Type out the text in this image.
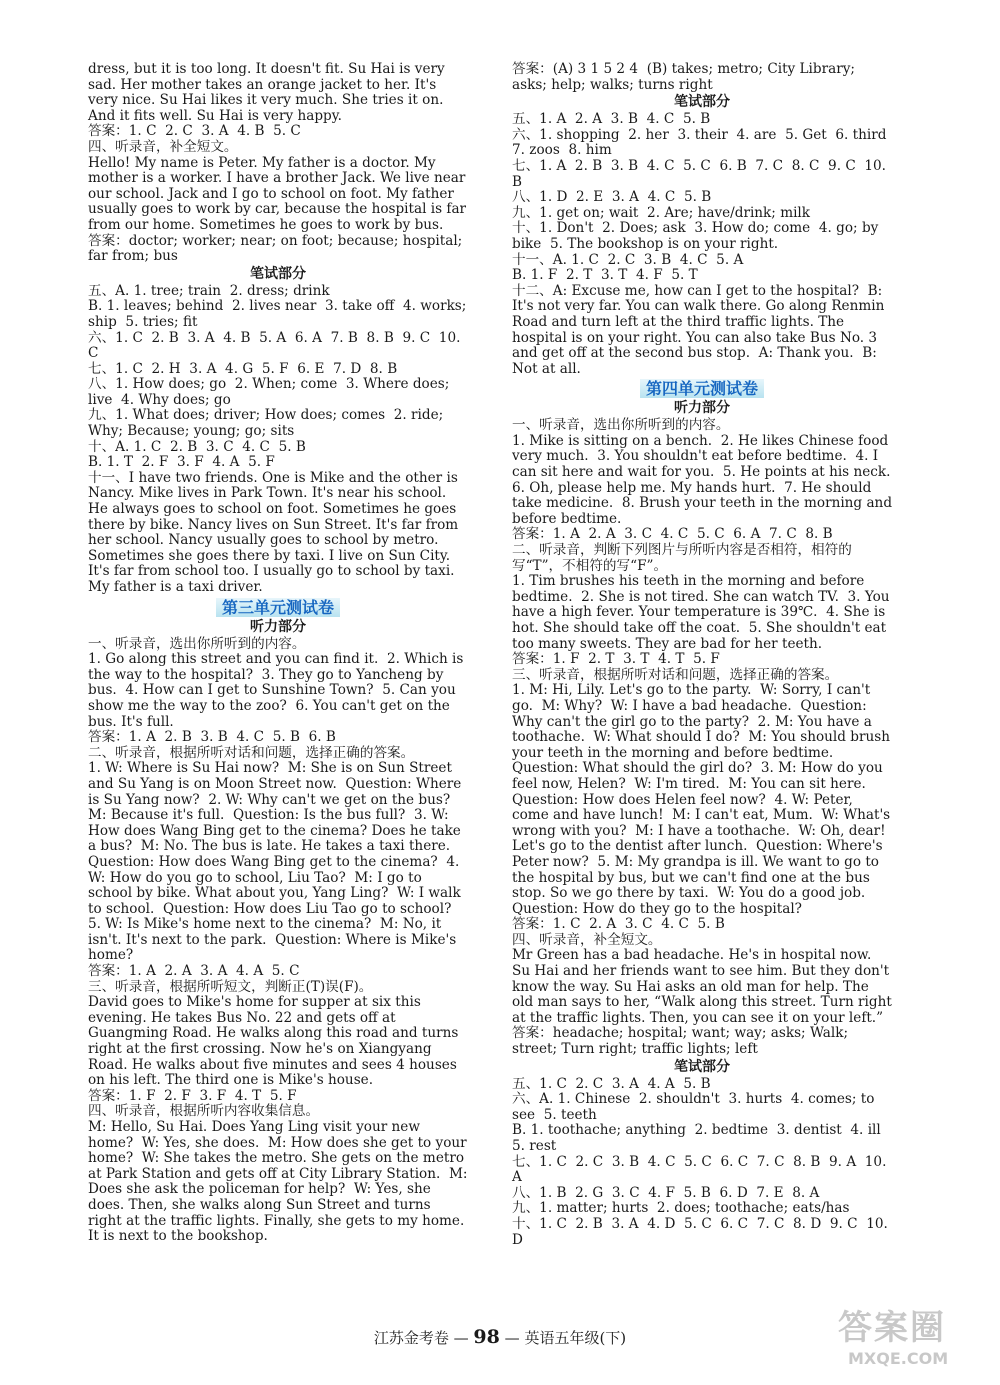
dress, but it is too long. It doesn't fit. Su Hai is very sad. Her mother takes an orange jacket to her. It's very nice. Su Hai likes it very much. She tries it on. And it fits well. Su Hai is very happy.
答案：1. C  2. C  3. A  4. B  5. C
四、听录音，补全短文。
Hello! My name is Peter. My father is a doctor. My mother is a worker. I have a brother Jack. We live near our school. Jack and I go to school on foot. My father usually goes to work by car, because the hospital is far from our home. Sometimes he goes to work by bus.
答案：doctor; worker; near; on foot; because; hospital; far from; bus
笔试部分
五、A. 1. tree; train  2. dress; drink
B. 1. leaves; behind  2. lives near  3. take off  4. works; ship  5. tries; fit
六、1. C  2. B  3. A  4. B  5. A  6. A  7. B  8. B  9. C  10. C
七、1. C  2. H  3. A  4. G  5. F  6. E  7. D  8. B
八、1. How does; go  2. When; come  3. Where does; live  4. Why does; go
九、1. What does; driver; How does; comes  2. ride; Why; Because; young; go; sits
十、A. 1. C  2. B  3. C  4. C  5. B
B. 1. T  2. F  3. F  4. A  5. F
十一、I have two friends. One is Mike and the other is Nancy. Mike lives in Park Town. It's near his school. He always goes to school on foot. Sometimes he goes there by bike. Nancy lives on Sun Street. It's far from her school. Nancy usually goes to school by metro. Sometimes she goes there by taxi. I live on Sun City. It's far from school too. I usually go to school by taxi. My father is a taxi driver.
第三单元测试卷
听力部分
一、听录音，选出你所听到的内容。
1. Go along this street and you can find it.  2. Which is the way to the hospital?  3. They go to Yancheng by bus.  4. How can I get to Sunshine Town?  5. Can you show me the way to the zoo?  6. You can't get on the bus. It's full.
答案：1. A  2. B  3. B  4. C  5. B  6. B
二、听录音，根据所听对话和问题，选择正确的答案。
1. W: Where is Su Hai now?  M: She is on Sun Street and Su Yang is on Moon Street now.  Question: Where is Su Yang now?  2. W: Why can't we get on the bus?  M: Because it's full.  Question: Is the bus full?  3. W: How does Wang Bing get to the cinema? Does he take a bus?  M: No. The bus is late. He takes a taxi there.  Question: How does Wang Bing get to the cinema?  4. W: How do you go to school, Liu Tao?  M: I go to school by bike. What about you, Yang Ling?  W: I walk to school.  Question: How does Liu Tao go to school?  5. W: Is Mike's home next to the cinema?  M: No, it isn't. It's next to the park.  Question: Where is Mike's home?
答案：1. A  2. A  3. A  4. A  5. C
三、听录音，根据所听短文，判断正(T)误(F)。
David goes to Mike's home for supper at six this evening. He takes Bus No. 22 and gets off at Guangming Road. He walks along this road and turns right at the first crossing. Now he's on Xiangyang Road. He walks about five minutes and sees 4 houses on his left. The third one is Mike's house.
答案：1. F  2. F  3. F  4. T  5. F
四、听录音，根据所听内容收集信息。
M: Hello, Su Hai. Does Yang Ling visit your new home?  W: Yes, she does.  M: How does she get to your home?  W: She takes the metro. She gets on the metro at Park Station and gets off at City Library Station.  M: Does she ask the policeman for help?  W: Yes, she does. Then, she walks along Sun Street and turns right at the traffic lights. Finally, she gets to my home. It is next to the bookshop.
答案：(A) 3 1 5 2 4  (B) takes; metro; City Library; asks; help; walks; turns right
笔试部分
五、1. A  2. A  3. B  4. C  5. B
六、1. shopping  2. her  3. their  4. are  5. Get  6. third  7. zoos  8. him
七、1. A  2. B  3. B  4. C  5. C  6. B  7. C  8. C  9. C  10. B
八、1. D  2. E  3. A  4. C  5. B
九、1. get on; wait  2. Are; have/drink; milk
十、1. Don't  2. Does; ask  3. How do; come  4. go; by bike  5. The bookshop is on your right.
十一、A. 1. C  2. C  3. B  4. C  5. A
B. 1. F  2. T  3. T  4. F  5. T
十二、A: Excuse me, how can I get to the hospital?  B: It's not very far. You can walk there. Go along Renmin Road and turn left at the third traffic lights. The hospital is on your right. You can also take Bus No. 3 and get off at the second bus stop.  A: Thank you.  B: Not at all.
第四单元测试卷
听力部分
一、听录音，选出你所听到的内容。
1. Mike is sitting on a bench.  2. He likes Chinese food very much.  3. You shouldn't eat before bedtime.  4. I can sit here and wait for you.  5. He points at his neck.  6. Oh, please help me. My hands hurt.  7. He should take medicine.  8. Brush your teeth in the morning and before bedtime.
答案：1. A  2. A  3. C  4. C  5. C  6. A  7. C  8. B
二、听录音，判断下列图片与所听内容是否相符，相符的写“T”，不相符的写“F”。
1. Tim brushes his teeth in the morning and before bedtime.  2. She is not tired. She can watch TV.  3. You have a high fever. Your temperature is 39℃.  4. She is hot. She should take off the coat.  5. She shouldn't eat too many sweets. They are bad for her teeth.
答案：1. F  2. T  3. T  4. T  5. F
三、听录音，根据所听对话和问题，选择正确的答案。
1. M: Hi, Lily. Let's go to the party.  W: Sorry, I can't go.  M: Why?  W: I have a bad headache.  Question: Why can't the girl go to the party?  2. M: You have a toothache.  W: What should I do?  M: You should brush your teeth in the morning and before bedtime.  Question: What should the girl do?  3. M: How do you feel now, Helen?  W: I'm tired.  M: You can sit here.  Question: How does Helen feel now?  4. W: Peter, come and have lunch!  M: I can't eat, Mum.  W: What's wrong with you?  M: I have a toothache.  W: Oh, dear! Let's go to the dentist after lunch.  Question: Where's Peter now?  5. M: My grandpa is ill. We want to go to the hospital by bus, but we can't find one at the bus stop. So we go there by taxi.  W: You do a good job.  Question: How do they go to the hospital?
答案：1. C  2. A  3. C  4. C  5. B
四、听录音，补全短文。
Mr Green has a bad headache. He's in hospital now. Su Hai and her friends want to see him. But they don't know the way. Su Hai asks an old man for help. The old man says to her, “Walk along this street. Turn right at the traffic lights. Then, you can see it on your left.”
答案：headache; hospital; want; way; asks; Walk; street; Turn right; traffic lights; left
笔试部分
五、1. C  2. C  3. A  4. A  5. B
六、A. 1. Chinese  2. shouldn't  3. hurts  4. comes; to see  5. teeth
B. 1. toothache; anything  2. bedtime  3. dentist  4. ill  5. rest
七、1. C  2. C  3. B  4. C  5. C  6. C  7. C  8. B  9. A  10. A
八、1. B  2. G  3. C  4. F  5. B  6. D  7. E  8. A
九、1. matter; hurts  2. does; toothache; eats/has
十、1. C  2. B  3. A  4. D  5. C  6. C  7. C  8. D  9. C  10. D
江苏金考卷 — 98 — 英语五年级(下)	答案圈
MXQE.COM
